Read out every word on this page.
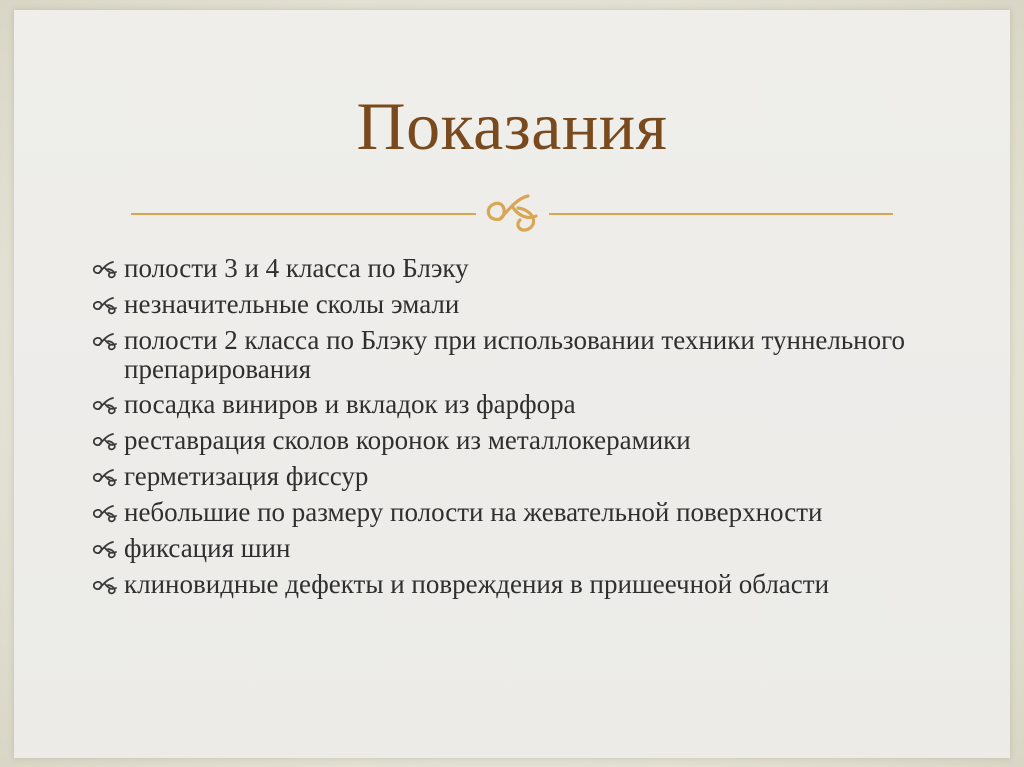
Показания
полости 3 и 4 класса по Блэку
незначительные сколы эмали
полости 2 класса по Блэку при использовании техники туннельного препарирования
посадка виниров и вкладок из фарфора
реставрация сколов коронок из металлокерамики
герметизация фиссур
небольшие по размеру полости на жевательной поверхности
фиксация шин
клиновидные дефекты и повреждения в пришеечной области
